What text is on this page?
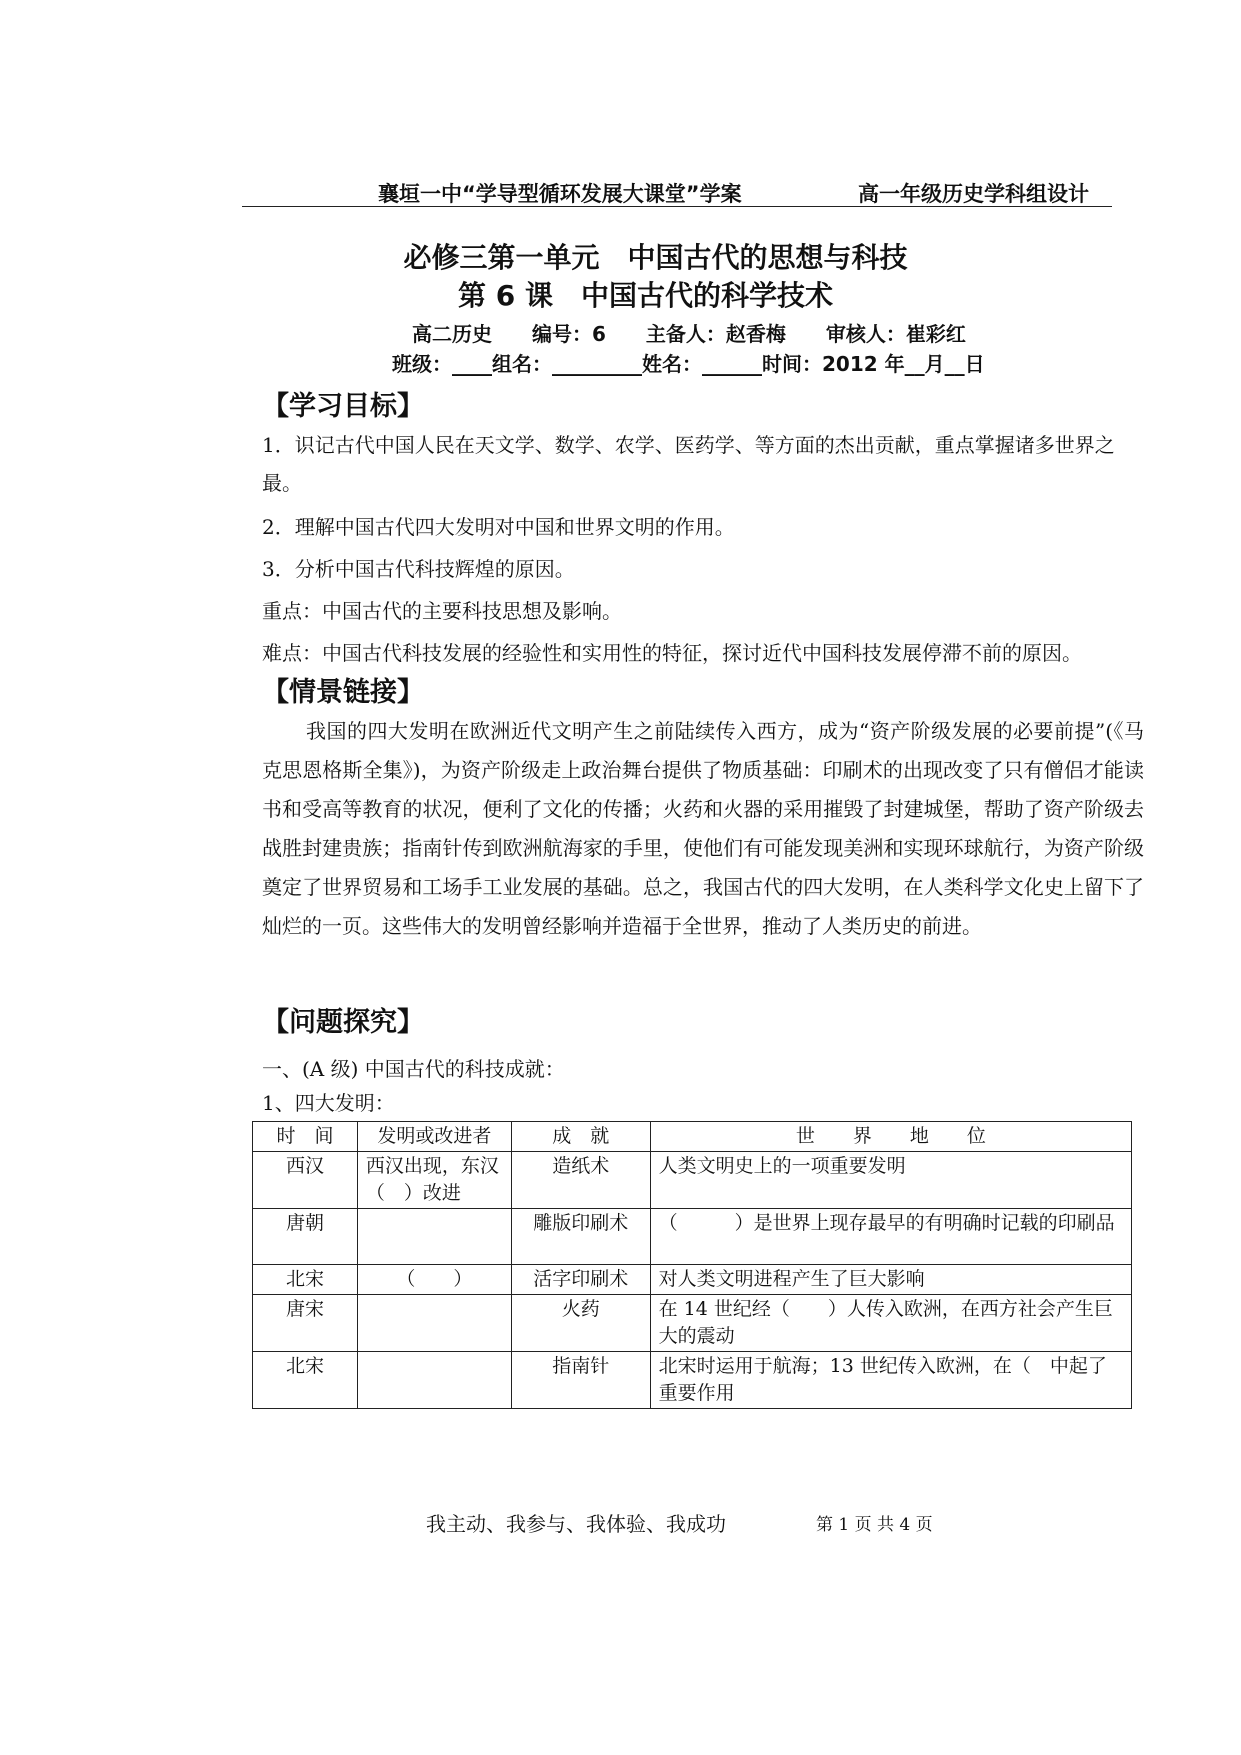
襄垣一中“学导型循环发展大课堂”学案	高一年级历史学科组设计
必修三第一单元　中国古代的思想与科技
第 6 课　中国古代的科学技术
高二历史　　编号：6　　主备人：赵香梅　　审核人：崔彩红
班级：____组名：_________姓名：______时间：2012 年__月__日
【学习目标】
1．识记古代中国人民在天文学、数学、农学、医药学、等方面的杰出贡献，重点掌握诸多世界之最。
2．理解中国古代四大发明对中国和世界文明的作用。
3．分析中国古代科技辉煌的原因。
重点：中国古代的主要科技思想及影响。
难点：中国古代科技发展的经验性和实用性的特征，探讨近代中国科技发展停滞不前的原因。
【情景链接】
我国的四大发明在欧洲近代文明产生之前陆续传入西方，成为“资产阶级发展的必要前提”(《马克思恩格斯全集》)，为资产阶级走上政治舞台提供了物质基础：印刷术的出现改变了只有僧侣才能读书和受高等教育的状况，便利了文化的传播；火药和火器的采用摧毁了封建城堡，帮助了资产阶级去战胜封建贵族；指南针传到欧洲航海家的手里，使他们有可能发现美洲和实现环球航行，为资产阶级奠定了世界贸易和工场手工业发展的基础。总之，我国古代的四大发明，在人类科学文化史上留下了灿烂的一页。这些伟大的发明曾经影响并造福于全世界，推动了人类历史的前进。
【问题探究】
一、(A 级) 中国古代的科技成就：
1、四大发明：
时　间	发明或改进者	成　就	世　　界　　地　　位
西汉	西汉出现，东汉（　）改进	造纸术	人类文明史上的一项重要发明
唐朝		雕版印刷术	（　　　）是世界上现存最早的有明确时记载的印刷品
北宋	（　　）	活字印刷术	对人类文明进程产生了巨大影响
唐宋		火药	在 14 世纪经（　　）人传入欧洲，在西方社会产生巨大的震动
北宋		指南针	北宋时运用于航海；13 世纪传入欧洲，在（　中起了重要作用
我主动、我参与、我体验、我成功	第 1 页 共 4 页
